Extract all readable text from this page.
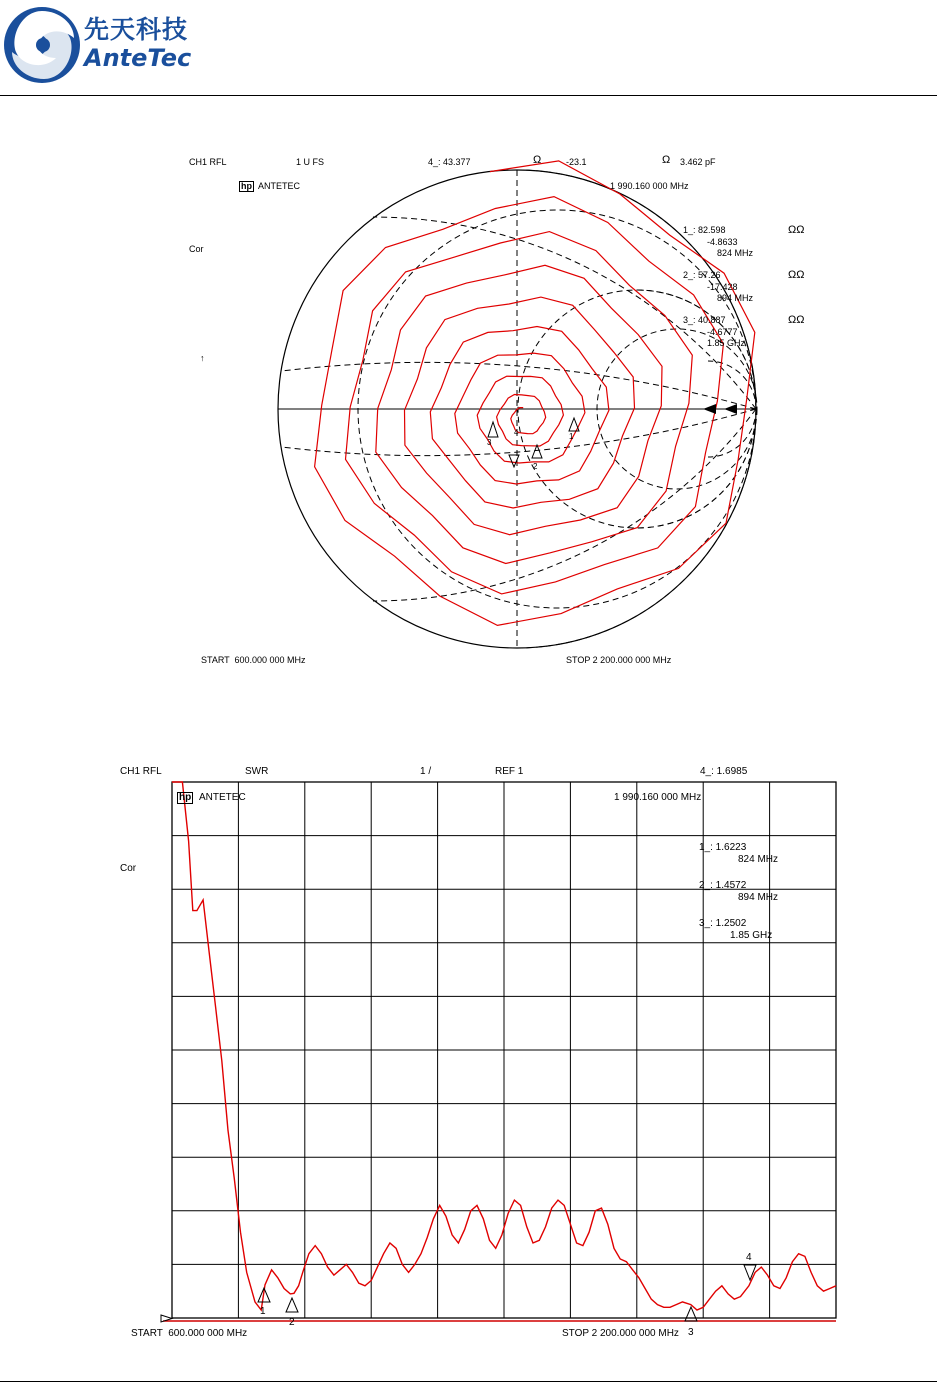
先天科技
AnteTec
CH1 RFL	1 U FS	4_: 43.377	Ω	-23.1	Ω 3.462 pF
hp ANTETEC	1 990.160 000 MHz
Cor
↑
1_: 82.598
-4.8633
824 MHz
2_: 57.26
-17.428
894 MHz
3_: 40.887
-4.6777
1.85 GHz
ΩΩ
ΩΩ
ΩΩ
1
2
3
4
START  600.000 000 MHz	STOP 2 200.000 000 MHz
CH1 RFL	SWR	1 /	REF 1	4_: 1.6985
hp ANTETEC	1 990.160 000 MHz
Cor
1_: 1.6223
824 MHz
2_: 1.4572
894 MHz
3_: 1.2502
1.85 GHz
1
2
3
4
START  600.000 000 MHz	STOP 2 200.000 000 MHz
